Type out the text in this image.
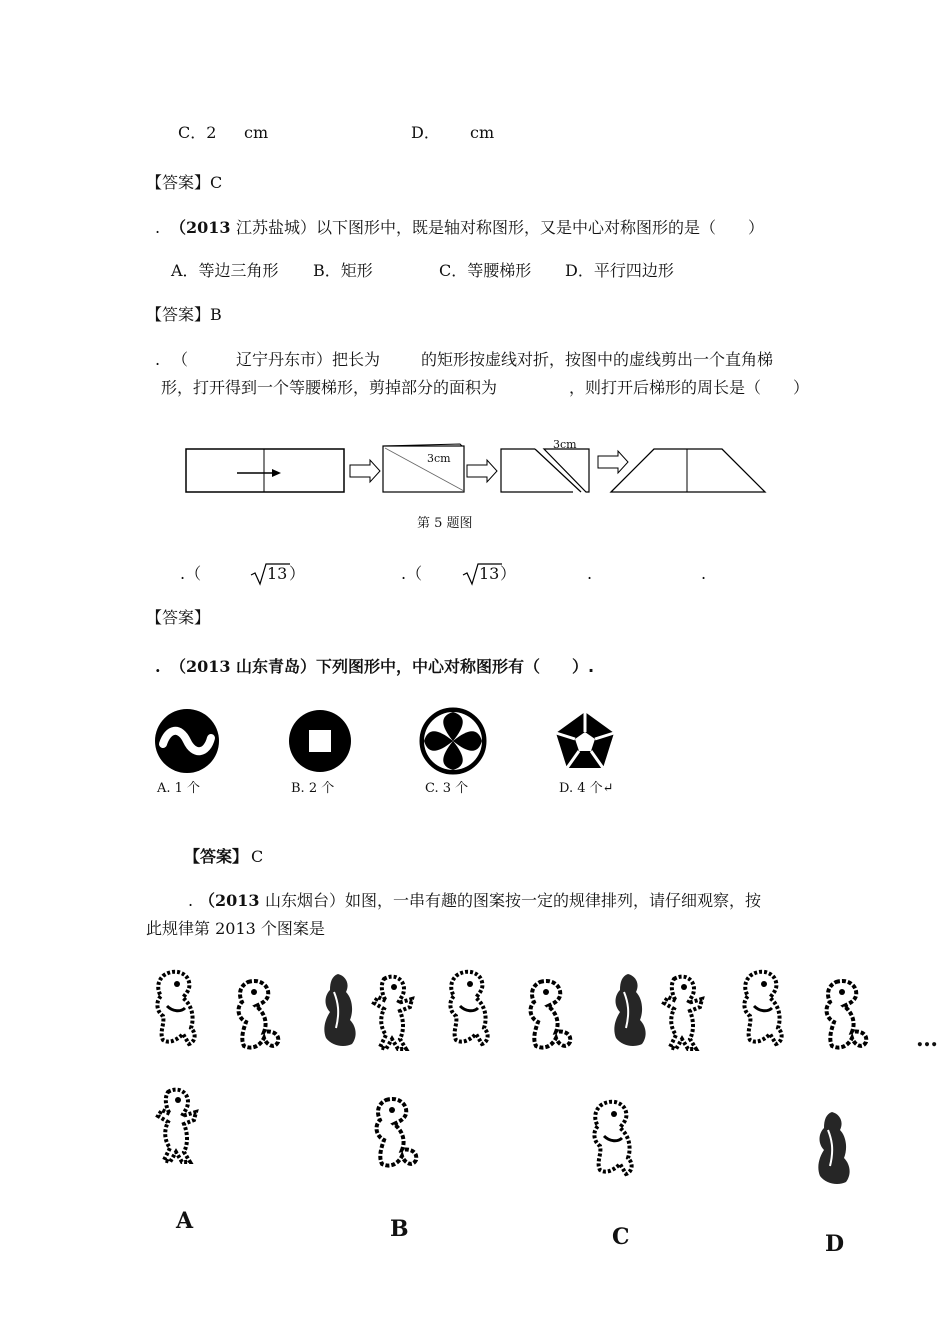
C．2 cm	D． cm
【答案】C
. （2013 江苏盐城）以下图形中，既是轴对称图形，又是中心对称图形的是（　　）
A．等边三角形 B．矩形	C．等腰梯形 D．平行四边形
【答案】B
. （　　　辽宁丹东市）把长为	的矩形按虚线对折，按图中的虚线剪出一个直角梯
形，打开得到一个等腰梯形，剪掉部分的面积为	，则打开后梯形的周长是（　　）
3cm
3cm
第 5 题图
.（	13 ）	.（	13 ）	.	.
【答案】
. （2013 山东青岛）下列图形中，中心对称图形有（　　）.
A. 1 个	B. 2 个	C. 3 个	D. 4 个↵
【答案】 C
. （2013 山东烟台）如图，一串有趣的图案按一定的规律排列，请仔细观察，按
此规律第 2013 个图案是
…
A	B	C	D
